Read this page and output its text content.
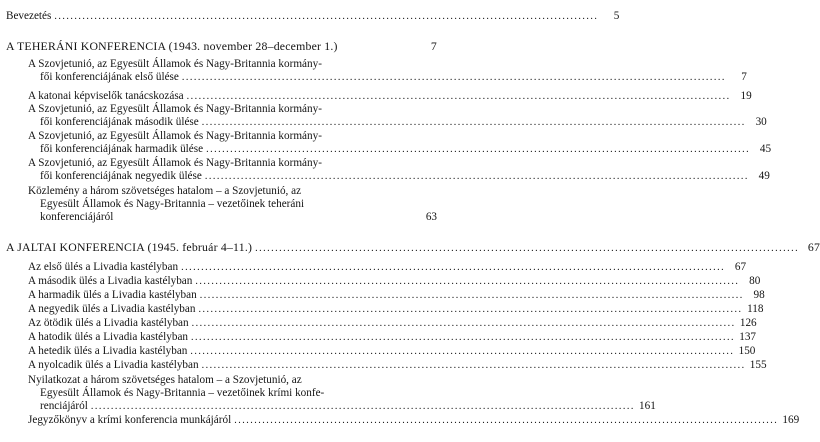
Bevezetés ........................................................................................................................................	5
A TEHERÁNI KONFERENCIA (1943. november 28–december 1.)	7
A Szovjetunió, az Egyesült Államok és Nagy-Britannia kormány-
fői konferenciájának első ülése ........................................................................................................................................	7
A katonai képviselők tanácskozása ........................................................................................................................................ 19
A Szovjetunió, az Egyesült Államok és Nagy-Britannia kormány-
fői konferenciájának második ülése ........................................................................................................................................ 30
A Szovjetunió, az Egyesült Államok és Nagy-Britannia kormány-
fői konferenciájának harmadik ülése ........................................................................................................................................ 45
A Szovjetunió, az Egyesült Államok és Nagy-Britannia kormány-
fői konferenciájának negyedik ülése ........................................................................................................................................ 49
Közlemény a három szövetséges hatalom – a Szovjetunió, az
Egyesült Államok és Nagy-Britannia – vezetőinek teheráni
konferenciájáról	63
A JALTAI KONFERENCIA (1945. február 4–11.) ........................................................................................................................................ 67
Az első ülés a Livadia kastélyban ........................................................................................................................................ 67
A második ülés a Livadia kastélyban ........................................................................................................................................ 80
A harmadik ülés a Livadia kastélyban ........................................................................................................................................ 98
A negyedik ülés a Livadia kastélyban ........................................................................................................................................ 118
Az ötödik ülés a Livadia kastélyban ........................................................................................................................................ 126
A hatodik ülés a Livadia kastélyban ........................................................................................................................................ 137
A hetedik ülés a Livadia kastélyban ........................................................................................................................................ 150
A nyolcadik ülés a Livadia kastélyban ........................................................................................................................................ 155
Nyilatkozat a három szövetséges hatalom – a Szovjetunió, az
Egyesült Államok és Nagy-Britannia – vezetőinek krími konfe-
renciájáról ........................................................................................................................................ 161
Jegyzőkönyv a krími konferencia munkájáról ........................................................................................................................................ 169
